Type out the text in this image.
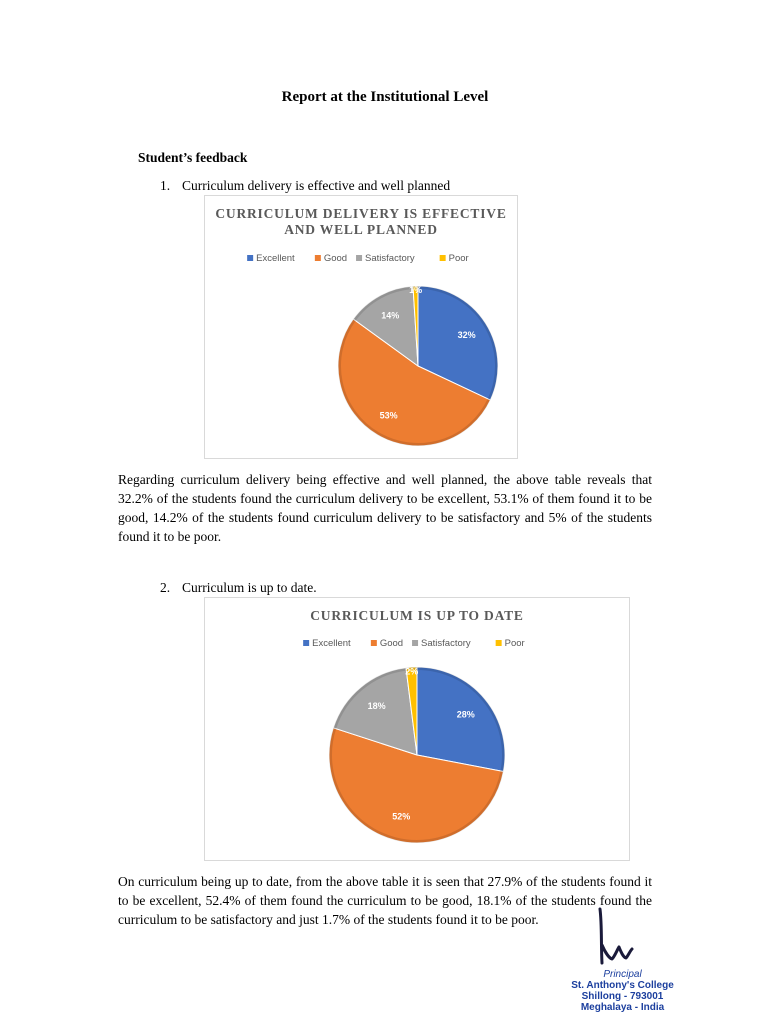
Report at the Institutional Level
Student’s feedback
1. Curriculum delivery is effective and well planned
CURRICULUM DELIVERY IS EFFECTIVE
AND WELL PLANNED
Excellent	Good Satisfactory	Poor
32%
53%
14%
1%
Regarding curriculum delivery being effective and well planned, the above table reveals that 32.2% of the students found the curriculum delivery to be excellent, 53.1% of them found it to be good, 14.2% of the students found curriculum delivery to be satisfactory and 5% of the students found it to be poor.
2. Curriculum is up to date.
CURRICULUM IS UP TO DATE
Excellent	Good Satisfactory	Poor
28%
52%
18%
2%
On curriculum being up to date, from the above table it is seen that 27.9% of the students found it to be excellent, 52.4% of them found the curriculum to be good, 18.1% of the students found the curriculum to be satisfactory and just 1.7% of the students found it to be poor.
Principal
St. Anthony's College
Shillong - 793001
Meghalaya - India
